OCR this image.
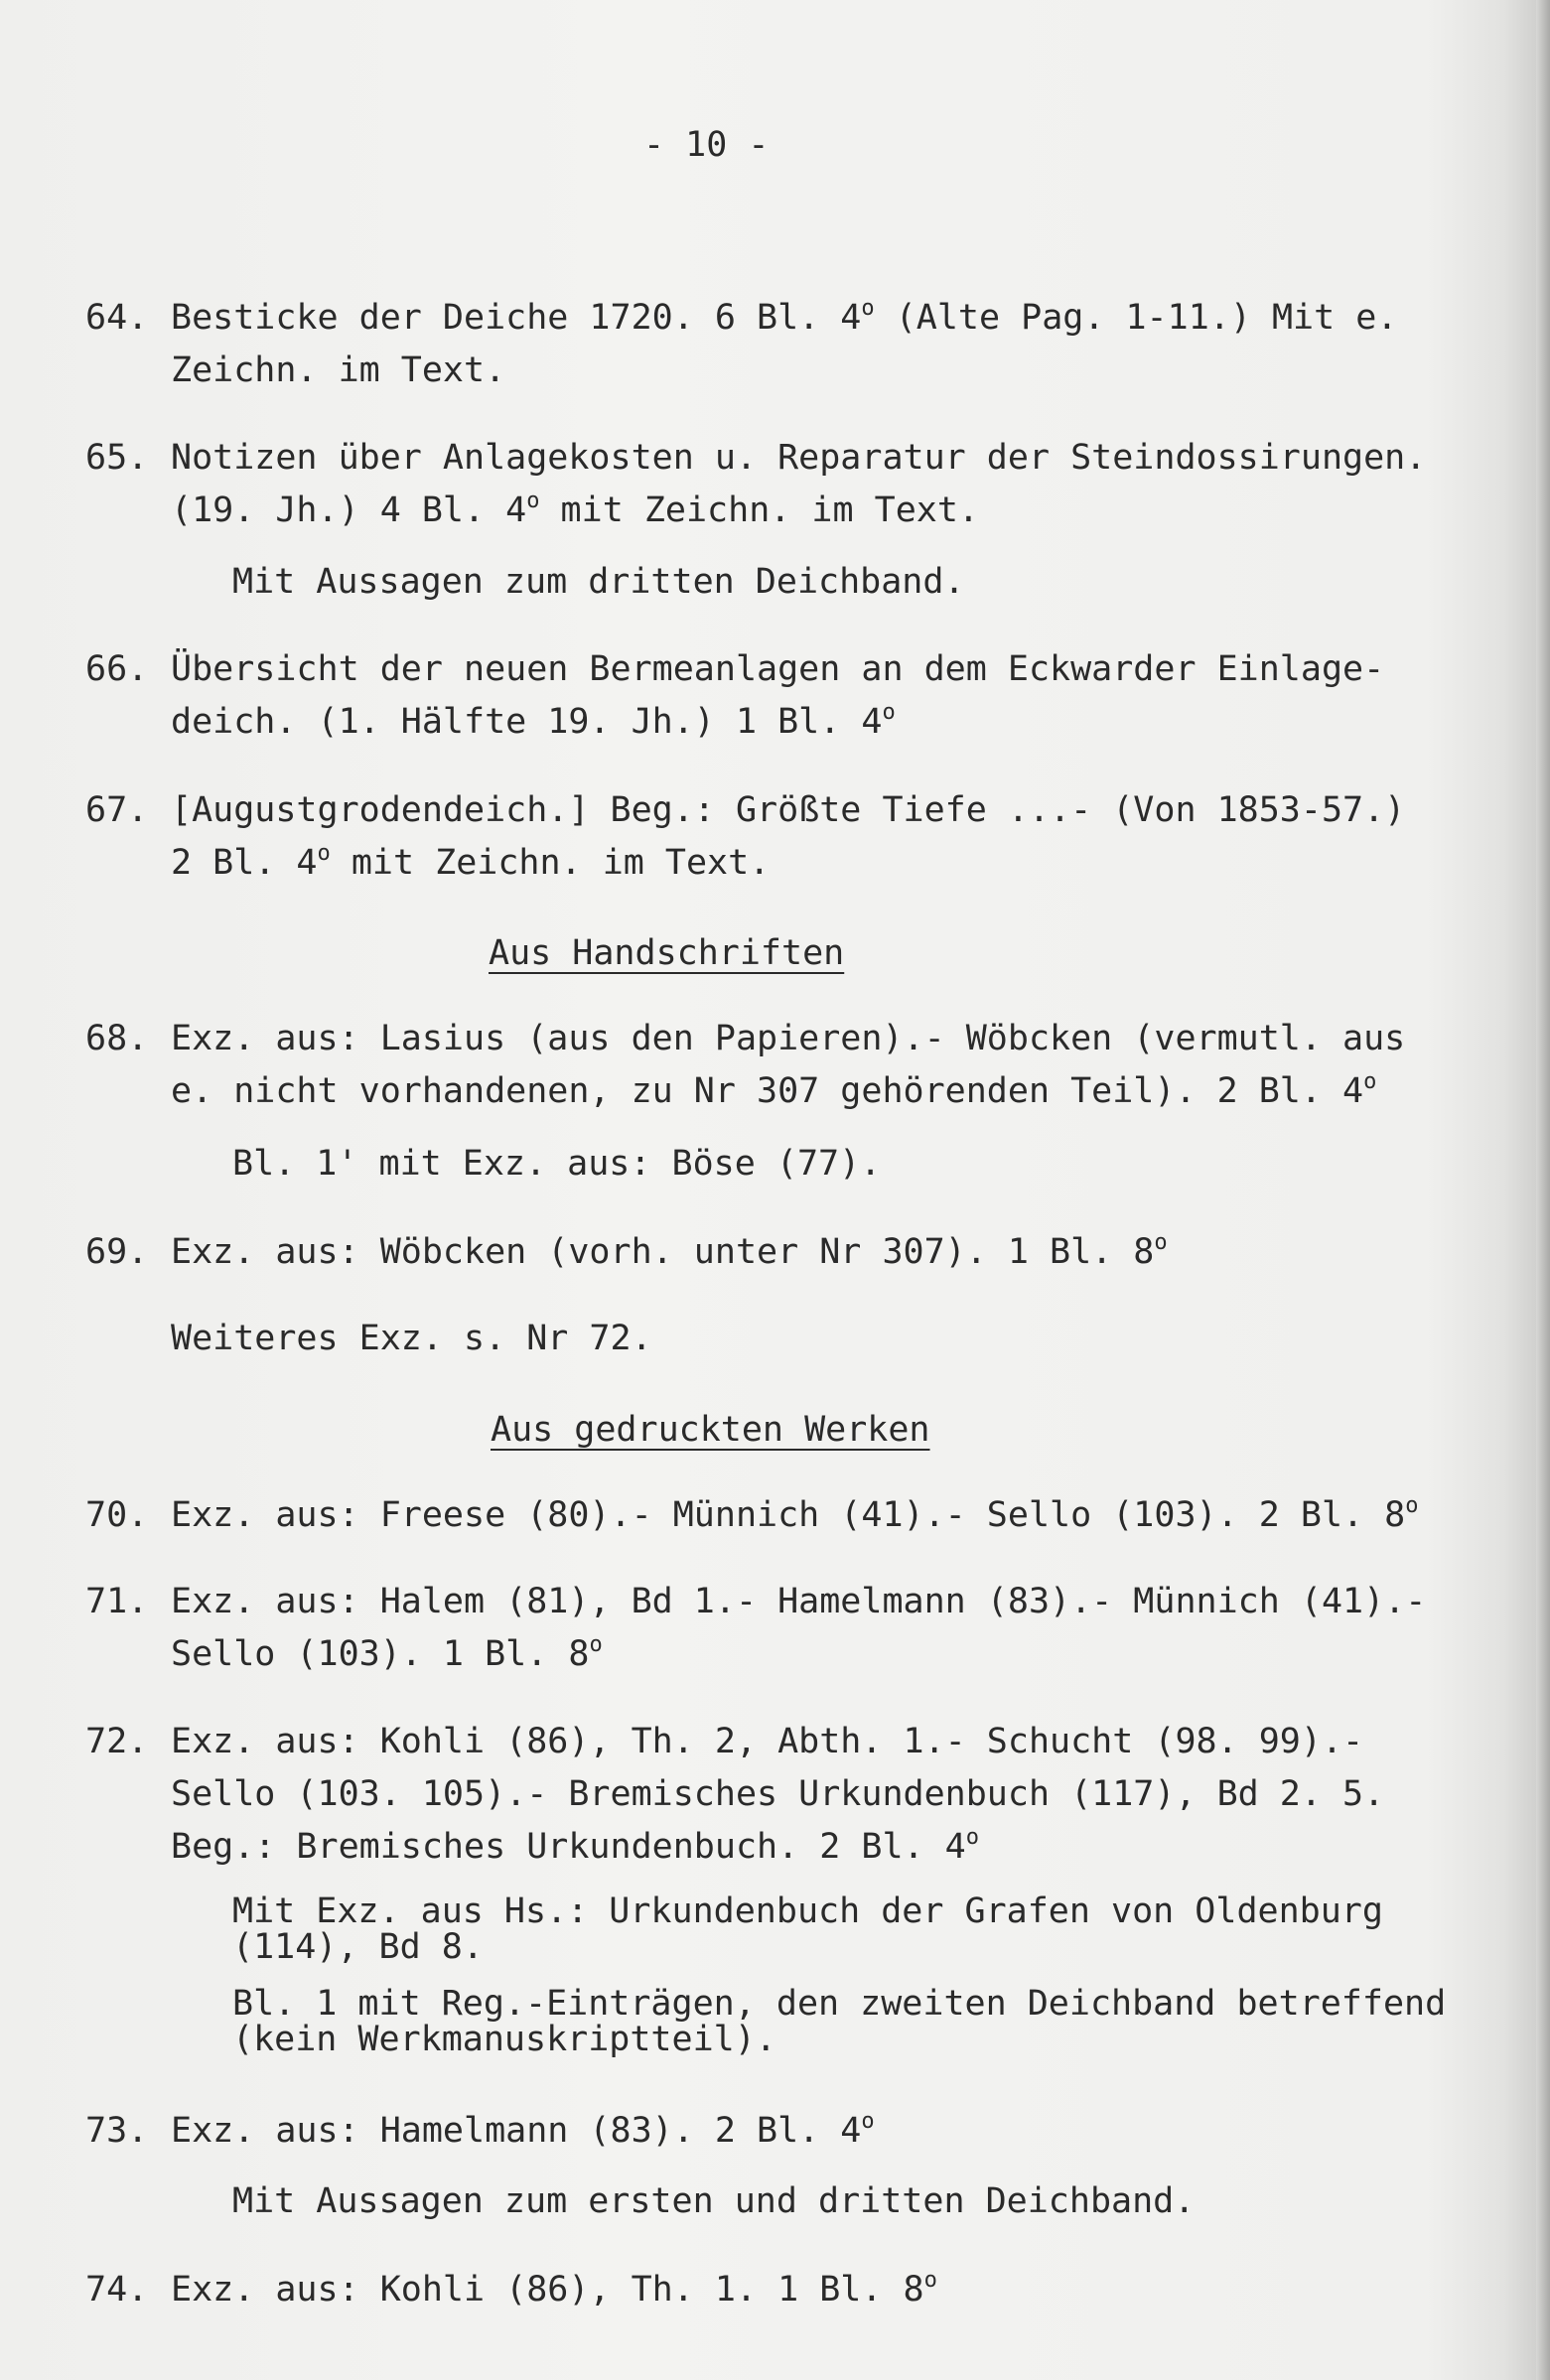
- 10 -
64. Besticke der Deiche 1720. 6 Bl. 4$^o$ (Alte Pag. 1-11.) Mit e.
Zeichn. im Text.
65. Notizen über Anlagekosten u. Reparatur der Steindossirungen.
(19. Jh.) 4 Bl. 4$^o$ mit Zeichn. im Text.
Mit Aussagen zum dritten Deichband.
66. Übersicht der neuen Bermeanlagen an dem Eckwarder Einlage-
deich. (1. Hälfte 19. Jh.) 1 Bl. 4$^o$
67. [Augustgrodendeich.] Beg.: Größte Tiefe ...- (Von 1853-57.)
2 Bl. 4$^o$ mit Zeichn. im Text.
Aus Handschriften
68. Exz. aus: Lasius (aus den Papieren).- Wöbcken (vermutl. aus
e. nicht vorhandenen, zu Nr 307 gehörenden Teil). 2 Bl. 4$^o$
Bl. 1' mit Exz. aus: Böse (77).
69. Exz. aus: Wöbcken (vorh. unter Nr 307). 1 Bl. 8$^o$
Weiteres Exz. s. Nr 72.
Aus gedruckten Werken
70. Exz. aus: Freese (80).- Münnich (41).- Sello (103). 2 Bl. 8$^o$
71. Exz. aus: Halem (81), Bd 1.- Hamelmann (83).- Münnich (41).-
Sello (103). 1 Bl. 8$^o$
72. Exz. aus: Kohli (86), Th. 2, Abth. 1.- Schucht (98. 99).-
Sello (103. 105).- Bremisches Urkundenbuch (117), Bd 2. 5.
Beg.: Bremisches Urkundenbuch. 2 Bl. 4$^o$
Mit Exz. aus Hs.: Urkundenbuch der Grafen von Oldenburg
(114), Bd 8.
Bl. 1 mit Reg.-Einträgen, den zweiten Deichband betreffend
(kein Werkmanuskriptteil).
73. Exz. aus: Hamelmann (83). 2 Bl. 4$^o$
Mit Aussagen zum ersten und dritten Deichband.
74. Exz. aus: Kohli (86), Th. 1. 1 Bl. 8$^o$
